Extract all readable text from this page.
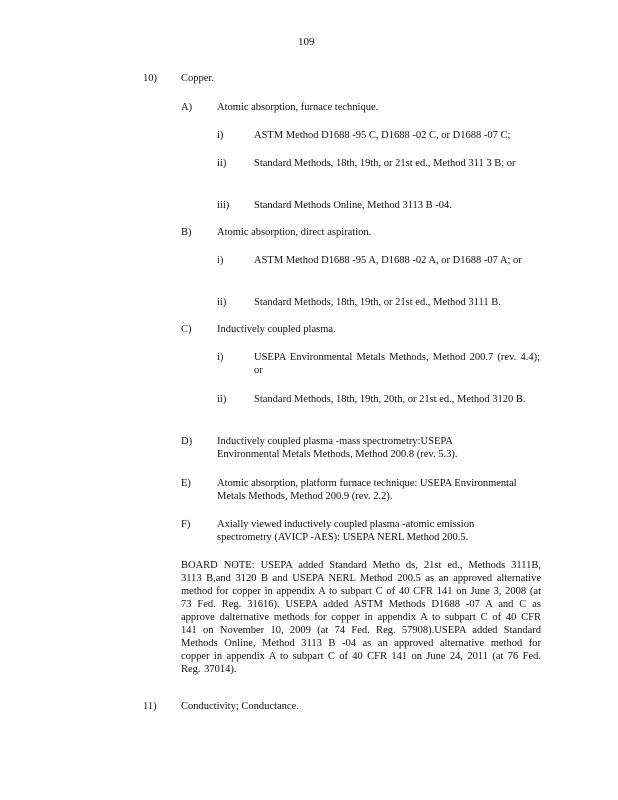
109
10) Copper.
A) Atomic absorption, furnace technique.
i)	ASTM Method D1688 -95 C, D1688 -02 C, or D1688 -07 C;
ii)	Standard Methods, 18th, 19th, or 21st ed., Method 311 3 B; or
iii) Standard Methods Online, Method 3113 B -04.
B) Atomic absorption, direct aspiration.
i)	ASTM Method D1688 -95 A, D1688 -02 A, or D1688 -07 A; or
ii)	Standard Methods, 18th, 19th, or 21st ed., Method 3111 B.
C) Inductively coupled plasma.
i)	USEPA Environmental Metals Methods, Method 200.7 (rev. 4.4); or
ii)	Standard Methods, 18th, 19th, 20th, or 21st ed., Method 3120 B.
D) Inductively coupled plasma -mass spectrometry:USEPA Environmental Metals Methods, Method 200.8 (rev. 5.3).
E) Atomic absorption, platform furnace technique: USEPA Environmental Metals Methods, Method 200.9 (rev. 2.2).
F)	Axially viewed inductively coupled plasma -atomic emission spectrometry (AVICP -AES): USEPA NERL Method 200.5.
BOARD NOTE: USEPA added Standard Metho ds, 21st ed., Methods 3111B, 3113 B,and 3120 B and USEPA NERL Method 200.5 as an approved alternative method for copper in appendix A to subpart C of 40 CFR 141 on June 3, 2008 (at 73 Fed. Reg. 31616). USEPA added ASTM Methods D1688 -07 A and C as approve dalternative methods for copper in appendix A to subpart C of 40 CFR 141 on November 10, 2009 (at 74 Fed. Reg. 57908).USEPA added Standard Methods Online, Method 3113 B -04 as an approved alternative method for copper in appendix A to subpart C of 40 CFR 141 on June 24, 2011 (at 76 Fed. Reg. 37014).
11) Conductivity; Conductance.
